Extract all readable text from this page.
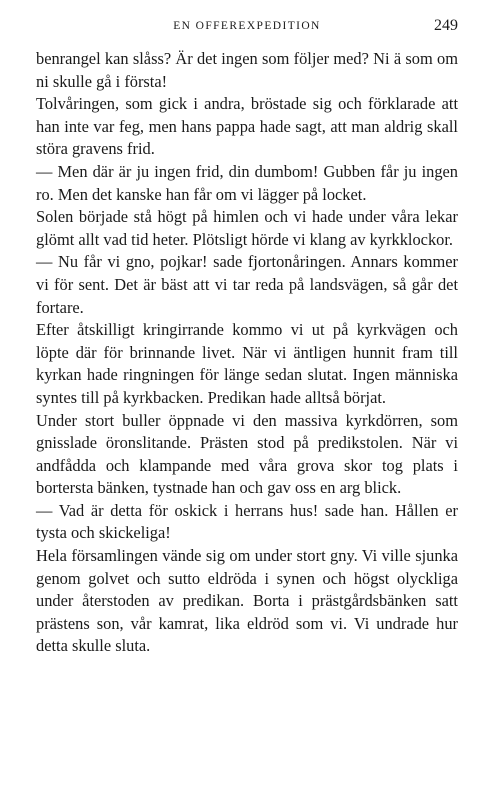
EN OFFEREXPEDITION	249

benrangel kan slåss? Är det ingen som följer med? Ni ä som om ni skulle gå i första!

Tolvåringen, som gick i andra, bröstade sig och förklarade att han inte var feg, men hans pappa hade sagt, att man aldrig skall störa gravens frid.

— Men där är ju ingen frid, din dumbom! Gubben får ju ingen ro. Men det kanske han får om vi lägger på locket.

Solen började stå högt på himlen och vi hade under våra lekar glömt allt vad tid heter. Plötsligt hörde vi klang av kyrkklockor.

— Nu får vi gno, pojkar! sade fjortonåringen. Annars kommer vi för sent. Det är bäst att vi tar reda på landsvägen, så går det fortare.

Efter åtskilligt kringirrande kommo vi ut på kyrkvägen och löpte där för brinnande livet. När vi äntligen hunnit fram till kyrkan hade ringningen för länge sedan slutat. Ingen människa syntes till på kyrkbacken. Predikan hade alltså börjat.

Under stort buller öppnade vi den massiva kyrkdörren, som gnisslade öronslitande. Prästen stod på predikstolen. När vi andfådda och klampande med våra grova skor tog plats i bortersta bänken, tystnade han och gav oss en arg blick.

— Vad är detta för oskick i herrans hus! sade han. Hållen er tysta och skickeliga!

Hela församlingen vände sig om under stort gny. Vi ville sjunka genom golvet och sutto eldröda i synen och högst olyckliga under återstoden av predikan. Borta i prästgårdsbänken satt prästens son, vår kamrat, lika eldröd som vi. Vi undrade hur detta skulle sluta.
